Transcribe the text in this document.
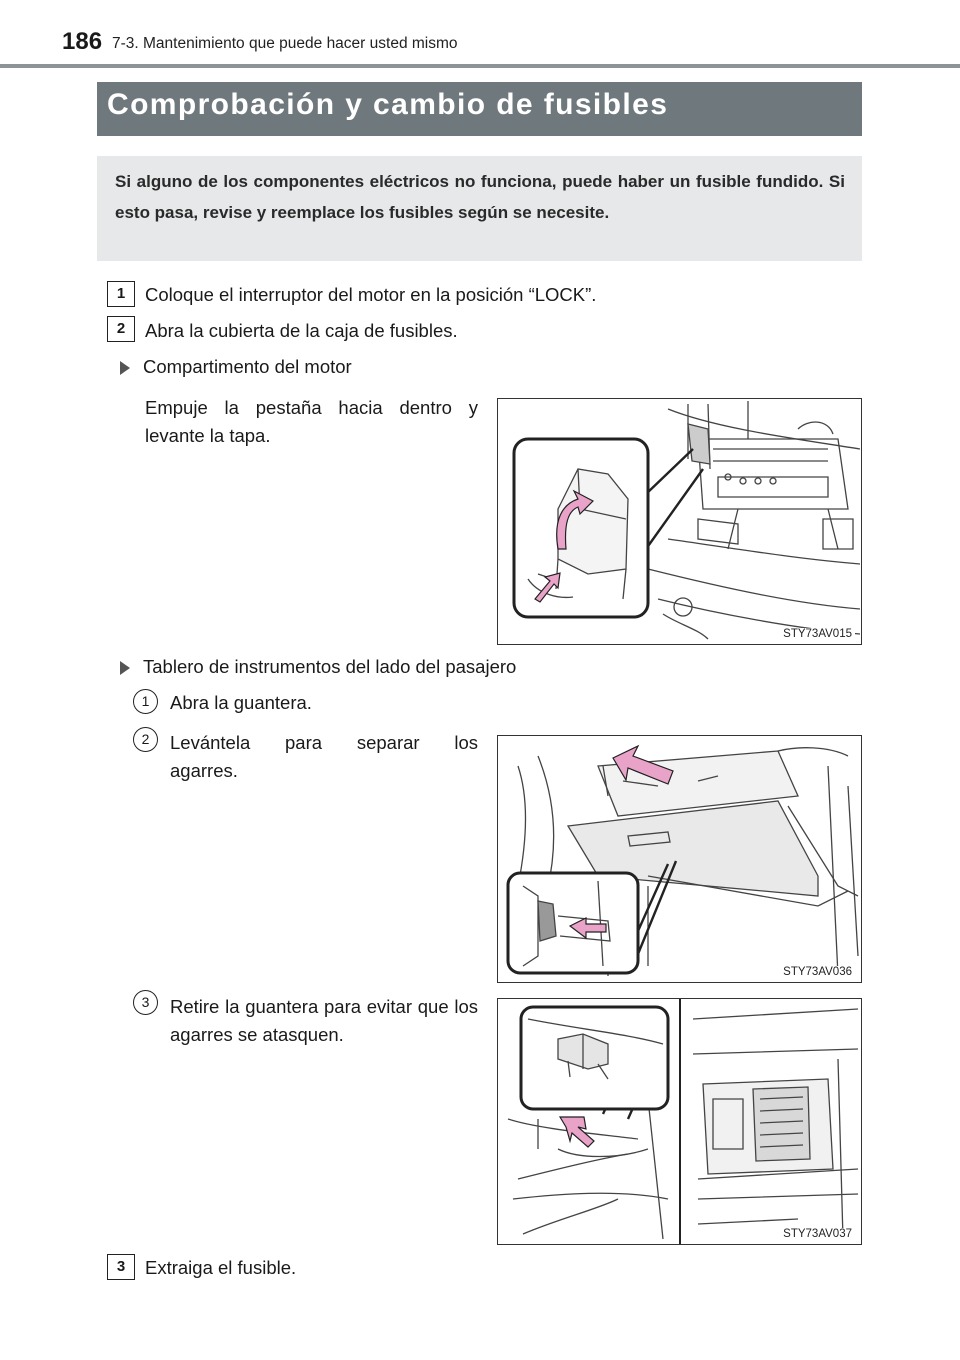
186 7-3. Mantenimiento que puede hacer usted mismo
Comprobación y cambio de fusibles
Si alguno de los componentes eléctricos no funciona, puede haber un fusible fundido. Si esto pasa, revise y reemplace los fusibles según se necesite.
1	Coloque el interruptor del motor en la posición “LOCK”.
2	Abra la cubierta de la caja de fusibles.
Compartimento del motor
Empuje la pestaña hacia dentro y levante la tapa.
STY73AV015
Tablero de instrumentos del lado del pasajero
1	Abra la guantera.
2	Levántela para separar los agarres.
STY73AV036
3	Retire la guantera para evitar que los agarres se atasquen.
STY73AV037
3	Extraiga el fusible.
